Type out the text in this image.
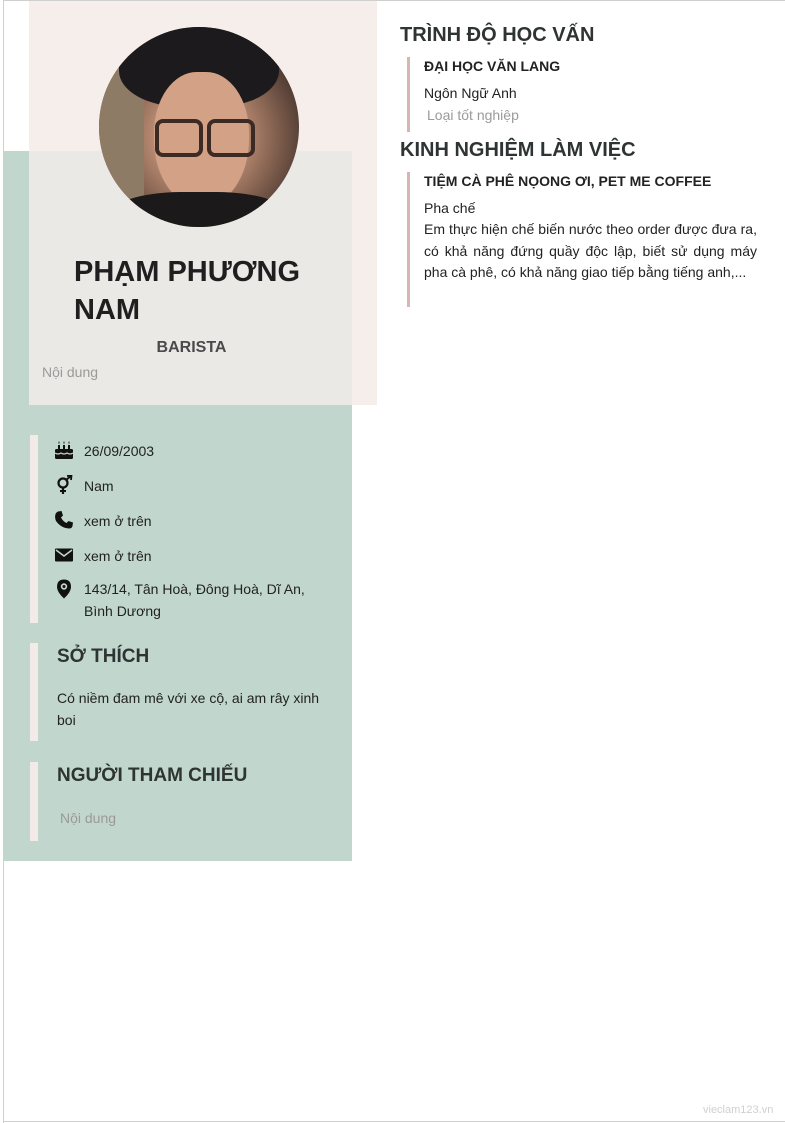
PHẠM PHƯƠNG NAM
BARISTA
Nội dung
26/09/2003
Nam
xem ở trên
xem ở trên
143/14, Tân Hoà, Đông Hoà, Dĩ An, Bình Dương
SỞ THÍCH
Có niềm đam mê với xe cộ, ai am rây xinh boi
NGƯỜI THAM CHIẾU
Nội dung
TRÌNH ĐỘ HỌC VẤN
ĐẠI HỌC VĂN LANG
Ngôn Ngữ Anh
Loại tốt nghiệp
KINH NGHIỆM LÀM VIỆC
TIỆM CÀ PHÊ NỌONG ƠI, PET ME COFFEE
Pha chế
Em thực hiện chế biến nước theo order được đưa ra, có khả năng đứng quầy độc lập, biết sử dụng máy pha cà phê, có khả năng giao tiếp bằng tiếng anh,...
vieclam123.vn
